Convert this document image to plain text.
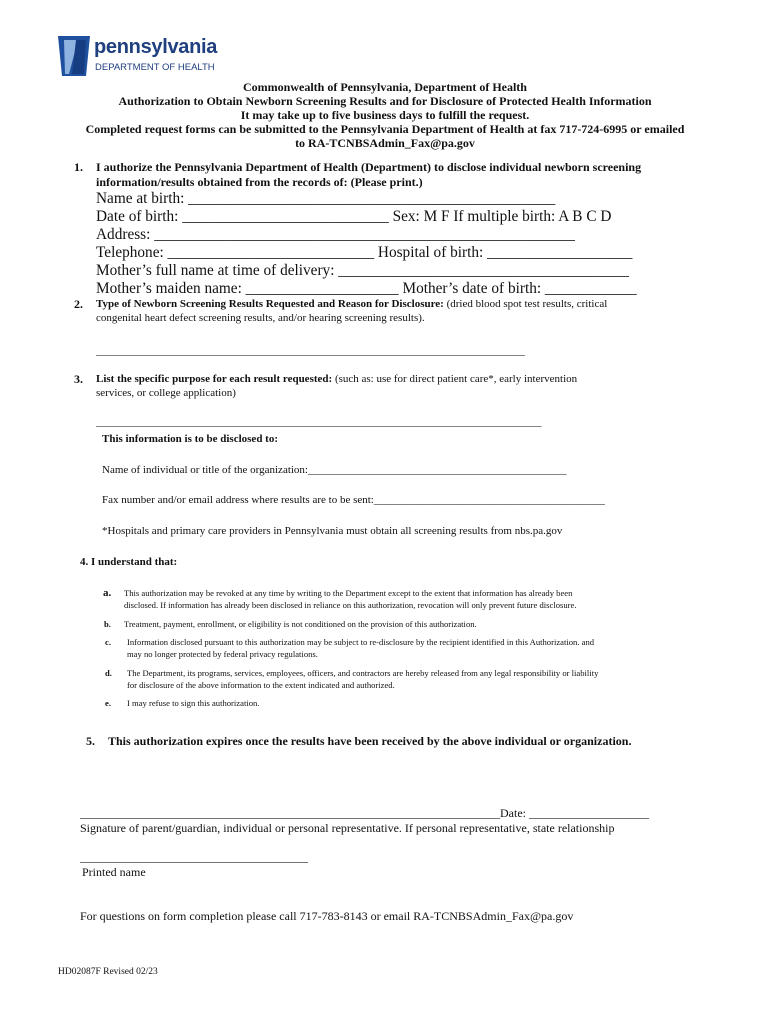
pennsylvania
DEPARTMENT OF HEALTH
Commonwealth of Pennsylvania, Department of Health
Authorization to Obtain Newborn Screening Results and for Disclosure of Protected Health Information
It may take up to five business days to fulfill the request.
Completed request forms can be submitted to the Pennsylvania Department of Health at fax 717-724-6995 or emailed
to RA-TCNBSAdmin_Fax@pa.gov
1. I authorize the Pennsylvania Department of Health (Department) to disclose individual newborn screening
information/results obtained from the records of: (Please print.)
Name at birth: ________________________________________________
Date of birth: ___________________________ Sex: M F If multiple birth: A B C D
Address: _______________________________________________________
Telephone: ___________________________ Hospital of birth: ___________________
Mother’s full name at time of delivery: ______________________________________
Mother’s maiden name: ____________________ Mother’s date of birth: ____________
2. Type of Newborn Screening Results Requested and Reason for Disclosure: (dried blood spot test results, critical
congenital heart defect screening results, and/or hearing screening results).
______________________________________________________________________________
3. List the specific purpose for each result requested: (such as: use for direct patient care*, early intervention
services, or college application)
_________________________________________________________________________________
This information is to be disclosed to:
Name of individual or title of the organization:_______________________________________________
Fax number and/or email address where results are to be sent:__________________________________________
*Hospitals and primary care providers in Pennsylvania must obtain all screening results from nbs.pa.gov
4. I understand that:
a. This authorization may be revoked at any time by writing to the Department except to the extent that information has already been
disclosed. If information has already been disclosed in reliance on this authorization, revocation will only prevent future disclosure.
b. Treatment, payment, enrollment, or eligibility is not conditioned on the provision of this authorization.
c. Information disclosed pursuant to this authorization may be subject to re-disclosure by the recipient identified in this Authorization. and
may no longer protected by federal privacy regulations.
d. The Department, its programs, services, employees, officers, and contractors are hereby released from any legal responsibility or liability
for disclosure of the above information to the extent indicated and authorized.
e. I may refuse to sign this authorization.
5. This authorization expires once the results have been received by the above individual or organization.
______________________________________________________________________Date: ____________________
Signature of parent/guardian, individual or personal representative. If personal representative, state relationship
______________________________________
Printed name
For questions on form completion please call 717-783-8143 or email RA-TCNBSAdmin_Fax@pa.gov
HD02087F Revised 02/23
